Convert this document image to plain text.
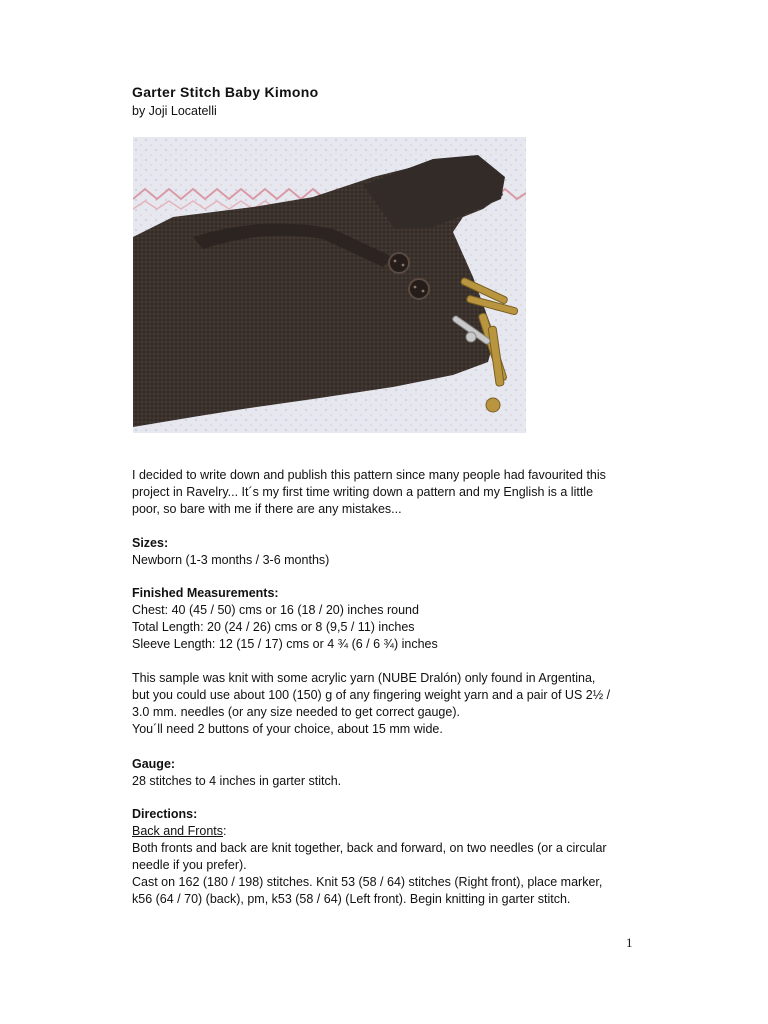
Garter Stitch Baby Kimono
by Joji Locatelli

I decided to write down and publish this pattern since many people had favourited this

project in Ravelry... It´s my first time writing down a pattern and my English is a little

poor, so bare with me if there are any mistakes...

Sizes:

Newborn (1-3 months / 3-6 months)

Finished Measurements:

Chest: 40 (45 / 50) cms or 16 (18 / 20) inches round

Total Length: 20 (24 / 26) cms or 8 (9,5 / 11) inches

Sleeve Length: 12 (15 / 17) cms or 4 ¾ (6 / 6 ¾) inches

This sample was knit with some acrylic yarn (NUBE Dralón) only found in Argentina,

but you could use about 100 (150) g of any fingering weight yarn and a pair of US 2½ /

3.0 mm. needles (or any size needed to get correct gauge).

You´ll need 2 buttons of your choice, about 15 mm wide.

Gauge:

28 stitches to 4 inches in garter stitch.

Directions:

Back and Fronts:

Both fronts and back are knit together, back and forward, on two needles (or a circular

needle if you prefer).

Cast on 162 (180 / 198) stitches. Knit 53 (58 / 64) stitches (Right front), place marker,

k56 (64 / 70) (back), pm, k53 (58 / 64) (Left front). Begin knitting in garter stitch.

1
